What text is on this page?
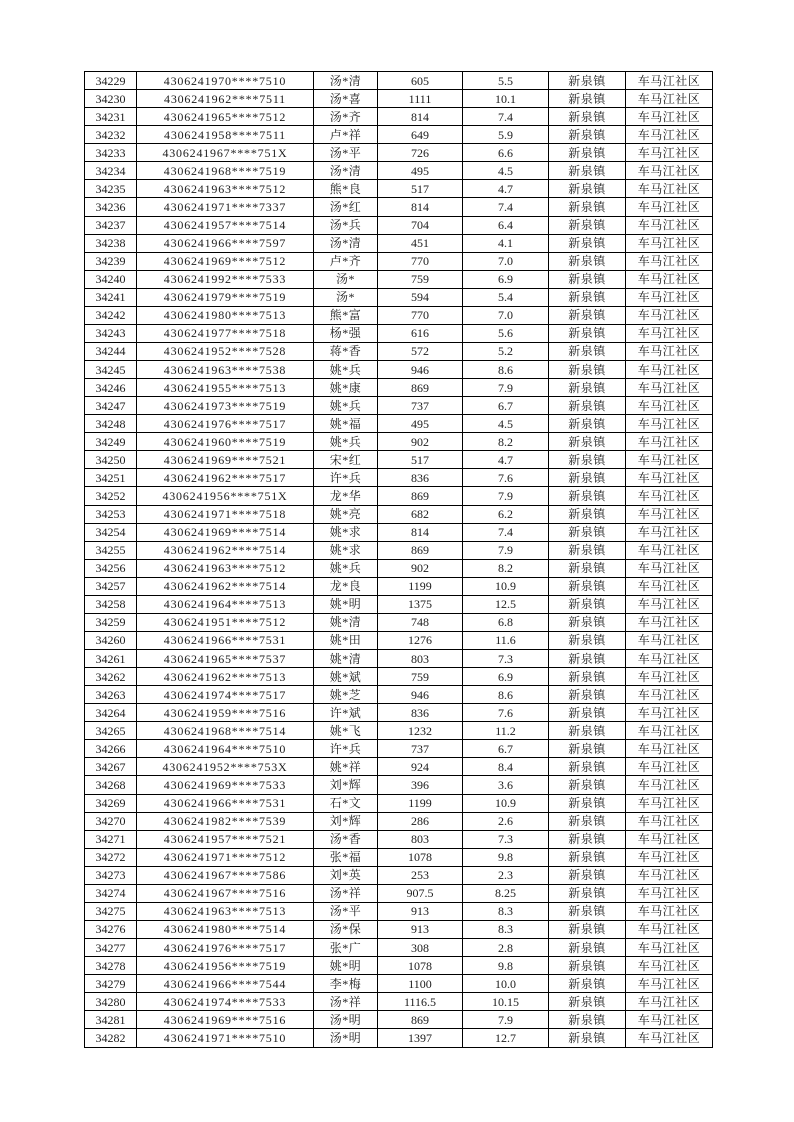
34229	4306241970****7510	汤*清	605	5.5	新泉镇	车马江社区
34230	4306241962****7511	汤*喜	1111	10.1	新泉镇	车马江社区
34231	4306241965****7512	汤*齐	814	7.4	新泉镇	车马江社区
34232	4306241958****7511	卢*祥	649	5.9	新泉镇	车马江社区
34233	4306241967****751X	汤*平	726	6.6	新泉镇	车马江社区
34234	4306241968****7519	汤*清	495	4.5	新泉镇	车马江社区
34235	4306241963****7512	熊*良	517	4.7	新泉镇	车马江社区
34236	4306241971****7337	汤*红	814	7.4	新泉镇	车马江社区
34237	4306241957****7514	汤*兵	704	6.4	新泉镇	车马江社区
34238	4306241966****7597	汤*清	451	4.1	新泉镇	车马江社区
34239	4306241969****7512	卢*齐	770	7.0	新泉镇	车马江社区
34240	4306241992****7533	汤*	759	6.9	新泉镇	车马江社区
34241	4306241979****7519	汤*	594	5.4	新泉镇	车马江社区
34242	4306241980****7513	熊*富	770	7.0	新泉镇	车马江社区
34243	4306241977****7518	杨*强	616	5.6	新泉镇	车马江社区
34244	4306241952****7528	蒋*香	572	5.2	新泉镇	车马江社区
34245	4306241963****7538	姚*兵	946	8.6	新泉镇	车马江社区
34246	4306241955****7513	姚*康	869	7.9	新泉镇	车马江社区
34247	4306241973****7519	姚*兵	737	6.7	新泉镇	车马江社区
34248	4306241976****7517	姚*福	495	4.5	新泉镇	车马江社区
34249	4306241960****7519	姚*兵	902	8.2	新泉镇	车马江社区
34250	4306241969****7521	宋*红	517	4.7	新泉镇	车马江社区
34251	4306241962****7517	许*兵	836	7.6	新泉镇	车马江社区
34252	4306241956****751X	龙*华	869	7.9	新泉镇	车马江社区
34253	4306241971****7518	姚*亮	682	6.2	新泉镇	车马江社区
34254	4306241969****7514	姚*求	814	7.4	新泉镇	车马江社区
34255	4306241962****7514	姚*求	869	7.9	新泉镇	车马江社区
34256	4306241963****7512	姚*兵	902	8.2	新泉镇	车马江社区
34257	4306241962****7514	龙*良	1199	10.9	新泉镇	车马江社区
34258	4306241964****7513	姚*明	1375	12.5	新泉镇	车马江社区
34259	4306241951****7512	姚*清	748	6.8	新泉镇	车马江社区
34260	4306241966****7531	姚*田	1276	11.6	新泉镇	车马江社区
34261	4306241965****7537	姚*清	803	7.3	新泉镇	车马江社区
34262	4306241962****7513	姚*斌	759	6.9	新泉镇	车马江社区
34263	4306241974****7517	姚*芝	946	8.6	新泉镇	车马江社区
34264	4306241959****7516	许*斌	836	7.6	新泉镇	车马江社区
34265	4306241968****7514	姚*飞	1232	11.2	新泉镇	车马江社区
34266	4306241964****7510	许*兵	737	6.7	新泉镇	车马江社区
34267	4306241952****753X	姚*祥	924	8.4	新泉镇	车马江社区
34268	4306241969****7533	刘*辉	396	3.6	新泉镇	车马江社区
34269	4306241966****7531	石*文	1199	10.9	新泉镇	车马江社区
34270	4306241982****7539	刘*辉	286	2.6	新泉镇	车马江社区
34271	4306241957****7521	汤*香	803	7.3	新泉镇	车马江社区
34272	4306241971****7512	张*福	1078	9.8	新泉镇	车马江社区
34273	4306241967****7586	刘*英	253	2.3	新泉镇	车马江社区
34274	4306241967****7516	汤*祥	907.5	8.25	新泉镇	车马江社区
34275	4306241963****7513	汤*平	913	8.3	新泉镇	车马江社区
34276	4306241980****7514	汤*保	913	8.3	新泉镇	车马江社区
34277	4306241976****7517	张*广	308	2.8	新泉镇	车马江社区
34278	4306241956****7519	姚*明	1078	9.8	新泉镇	车马江社区
34279	4306241966****7544	李*梅	1100	10.0	新泉镇	车马江社区
34280	4306241974****7533	汤*祥	1116.5	10.15	新泉镇	车马江社区
34281	4306241969****7516	汤*明	869	7.9	新泉镇	车马江社区
34282	4306241971****7510	汤*明	1397	12.7	新泉镇	车马江社区
